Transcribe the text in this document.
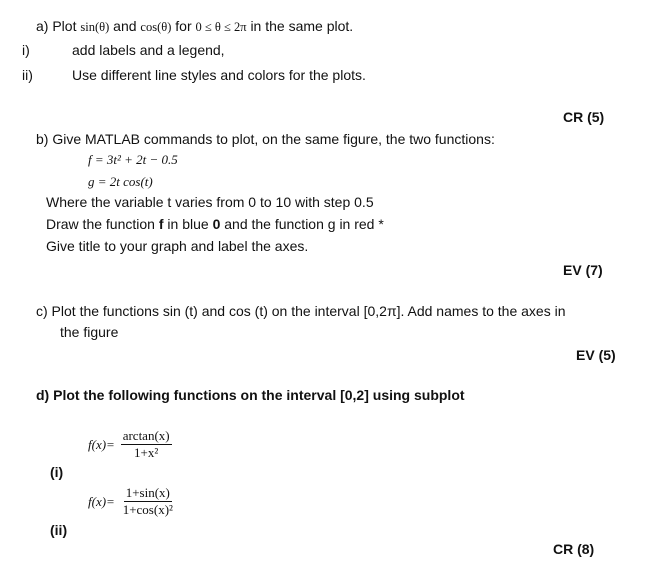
a) Plot sin(θ) and cos(θ) for 0 ≤ θ ≤ 2π in the same plot.
i)	add labels and a legend,
ii)	Use different line styles and colors for the plots.
CR (5)
b) Give MATLAB commands to plot, on the same figure, the two functions:
f = 3t² + 2t − 0.5
g = 2t cos(t)
Where the variable t varies from 0 to 10 with step 0.5
Draw the function f in blue 0 and the function g in red *
Give title to your graph and label the axes.
EV (7)
c) Plot the functions sin (t) and cos (t) on the interval [0,2π]. Add names to the axes in
the figure
EV (5)
d) Plot the following functions on the interval [0,2] using subplot
$f(x)= \frac{\arctan(x)}{\text{1+x²}}$
(i)
$f(x)= \frac{1+\sin(x)}{\text{1+cos(x)²}}$
(ii)
CR (8)
